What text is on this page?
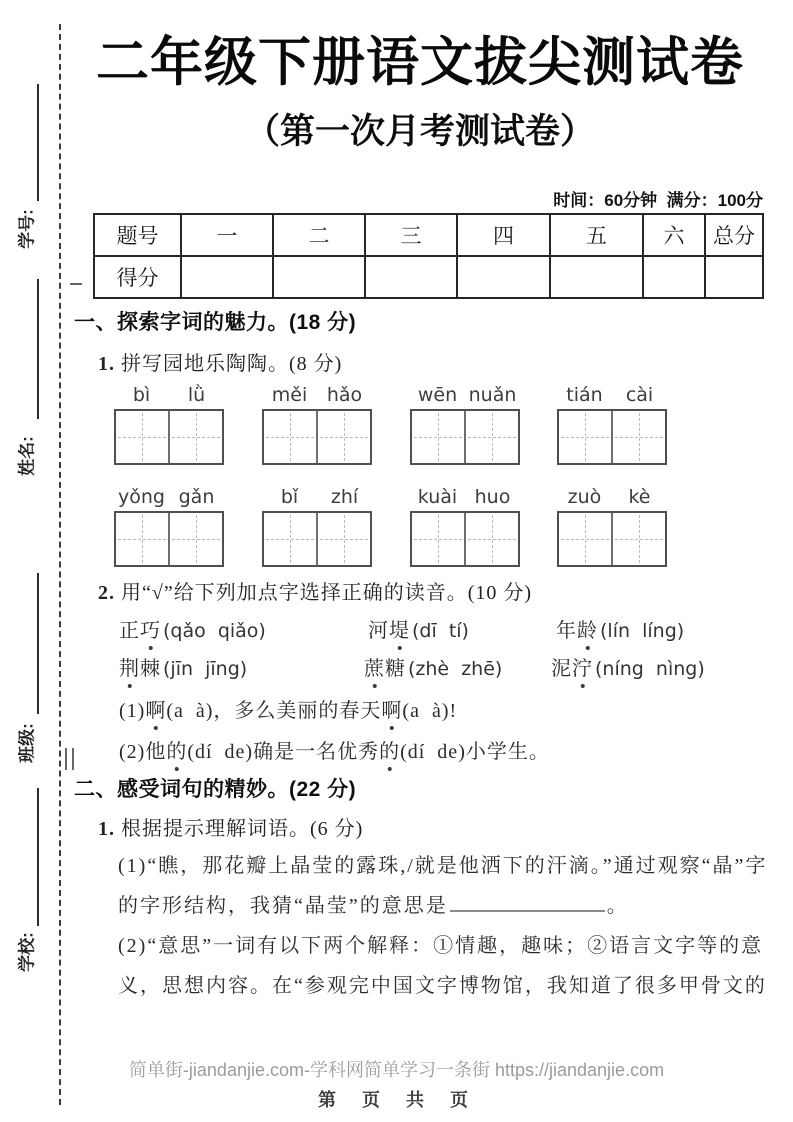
学号:
姓名:
班级:
学校:
二年级下册语文拔尖测试卷
（第一次月考测试卷）
时间：60分钟  满分：100分
题号	一	二	三	四	五	六	总分
得分							
一、探索字词的魅力。(18 分)
1. 拼写园地乐陶陶。(8 分)
bì	lǜ	měi	hǎo	wēn nuǎn	tián	cài
yǒng gǎn	bǐ	zhí	kuài huo	zuò	kè
2. 用“√”给下列加点字选择正确的读音。(10 分)
正巧 (qǎo  qiǎo)	河堤 (dī  tí)	年龄 (lín  líng)
荆棘 (jīn  jīng)	蔗糖 (zhè  zhē) 泥泞 (níng  nìng)
(1)啊(a  à)，多么美丽的春天啊(a  à)!
(2)他的(dí  de)确是一名优秀的(dí  de)小学生。
二、感受词句的精妙。(22 分)
1. 根据提示理解词语。(6 分)
(1)“瞧，那花瓣上晶莹的露珠,/就是他洒下的汗滴。”通过观察“晶”字的字形结构，我猜“晶莹”的意思是	。
(2)“意思”一词有以下两个解释：①情趣，趣味；②语言文字等的意义，思想内容。在“参观完中国文字博物馆，我知道了很多甲骨文的
简单街-jiandanjie.com-学科网简单学习一条街 https://jiandanjie.com
第 页 共 页
